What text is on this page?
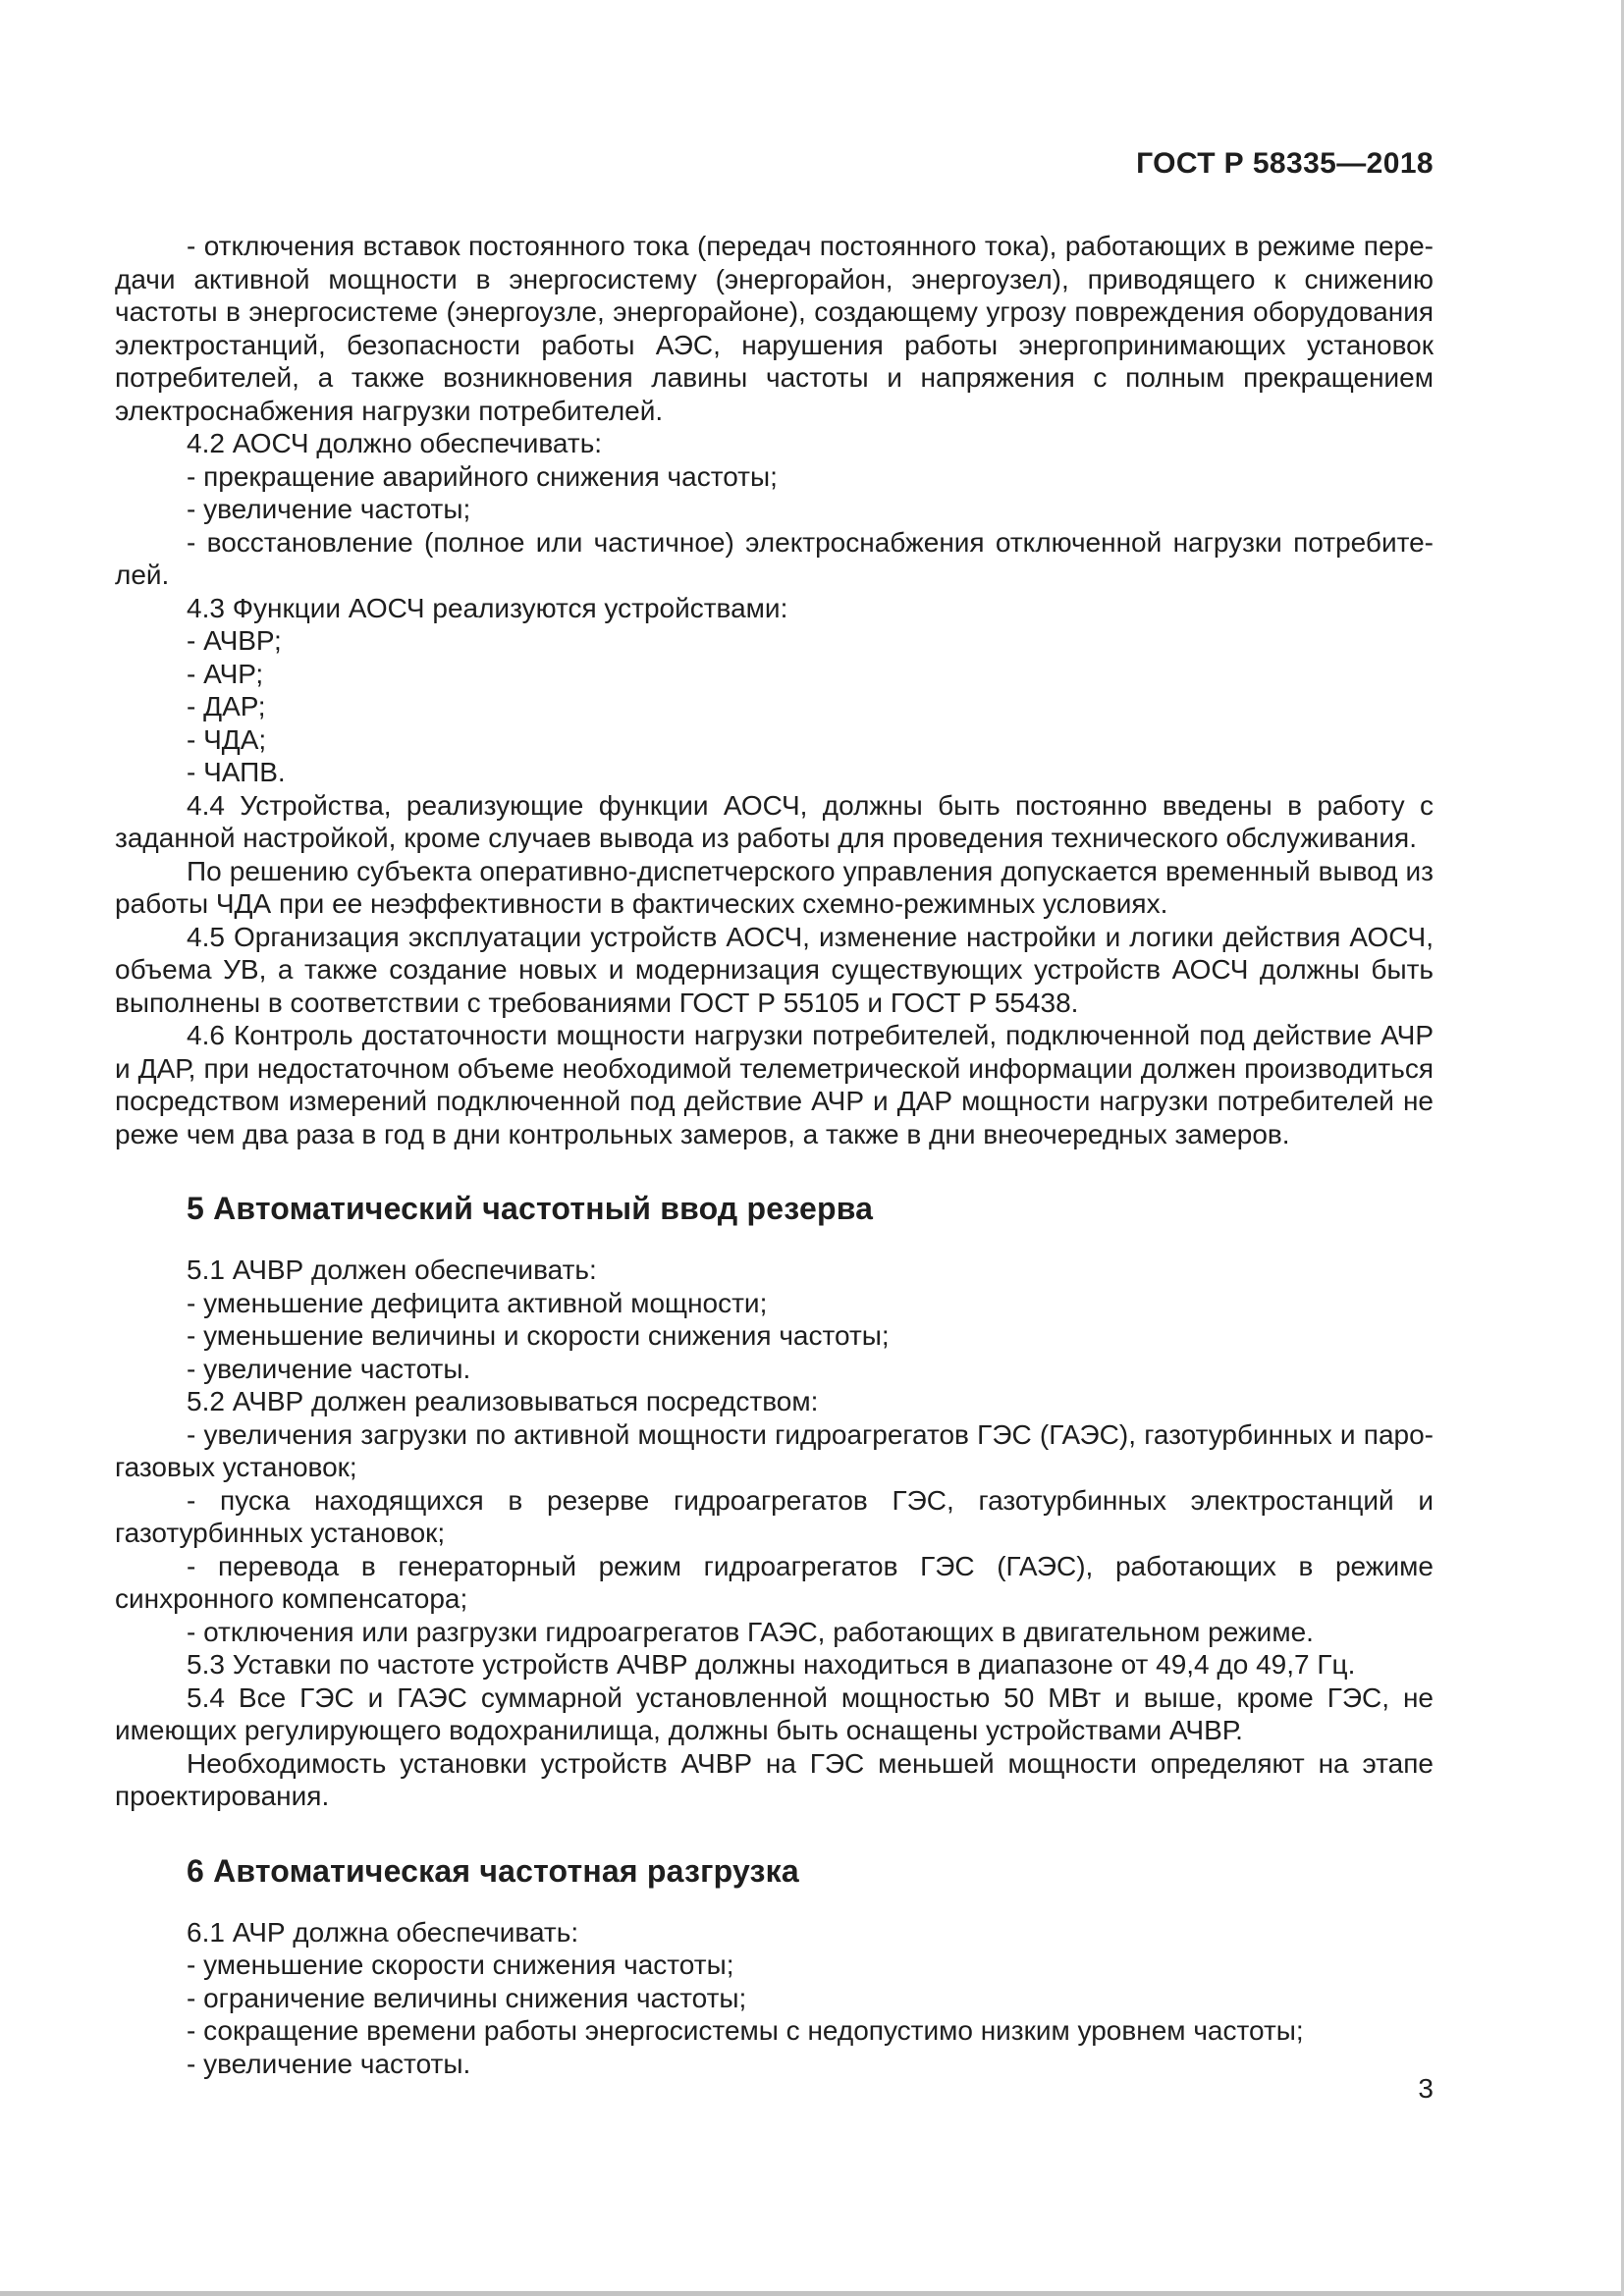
ГОСТ Р 58335—2018

- отключения вставок постоянного тока (передач постоянного тока), работающих в режиме передачи активной мощности в энергосистему (энергорайон, энергоузел), приводящего к снижению частоты в энергосистеме (энергоузле, энергорайоне), создающему угрозу повреждения оборудования электростанций, безопасности работы АЭС, нарушения работы энергопринимающих установок потребителей, а также возникновения лавины частоты и напряжения с полным прекращением электроснабжения нагрузки потребителей.

4.2 АОСЧ должно обеспечивать:

- прекращение аварийного снижения частоты;

- увеличение частоты;

- восстановление (полное или частичное) электроснабжения отключенной нагрузки потребителей.

4.3 Функции АОСЧ реализуются устройствами:

- АЧВР;

- АЧР;

- ДАР;

- ЧДА;

- ЧАПВ.

4.4 Устройства, реализующие функции АОСЧ, должны быть постоянно введены в работу с заданной настройкой, кроме случаев вывода из работы для проведения технического обслуживания.

По решению субъекта оперативно-диспетчерского управления допускается временный вывод из работы ЧДА при ее неэффективности в фактических схемно-режимных условиях.

4.5 Организация эксплуатации устройств АОСЧ, изменение настройки и логики действия АОСЧ, объема УВ, а также создание новых и модернизация существующих устройств АОСЧ должны быть выполнены в соответствии с требованиями ГОСТ Р 55105 и ГОСТ Р 55438.

4.6 Контроль достаточности мощности нагрузки потребителей, подключенной под действие АЧР и ДАР, при недостаточном объеме необходимой телеметрической информации должен производиться посредством измерений подключенной под действие АЧР и ДАР мощности нагрузки потребителей не реже чем два раза в год в дни контрольных замеров, а также в дни внеочередных замеров.

5 Автоматический частотный ввод резерва

5.1 АЧВР должен обеспечивать:

- уменьшение дефицита активной мощности;

- уменьшение величины и скорости снижения частоты;

- увеличение частоты.

5.2 АЧВР должен реализовываться посредством:

- увеличения загрузки по активной мощности гидроагрегатов ГЭС (ГАЭС), газотурбинных и парогазовых установок;

- пуска находящихся в резерве гидроагрегатов ГЭС, газотурбинных электростанций и газотурбинных установок;

- перевода в генераторный режим гидроагрегатов ГЭС (ГАЭС), работающих в режиме синхронного компенсатора;

- отключения или разгрузки гидроагрегатов ГАЭС, работающих в двигательном режиме.

5.3 Уставки по частоте устройств АЧВР должны находиться в диапазоне от 49,4 до 49,7 Гц.

5.4 Все ГЭС и ГАЭС суммарной установленной мощностью 50 МВт и выше, кроме ГЭС, не имеющих регулирующего водохранилища, должны быть оснащены устройствами АЧВР.

Необходимость установки устройств АЧВР на ГЭС меньшей мощности определяют на этапе проектирования.

6 Автоматическая частотная разгрузка

6.1 АЧР должна обеспечивать:

- уменьшение скорости снижения частоты;

- ограничение величины снижения частоты;

- сокращение времени работы энергосистемы с недопустимо низким уровнем частоты;

- увеличение частоты.

3
